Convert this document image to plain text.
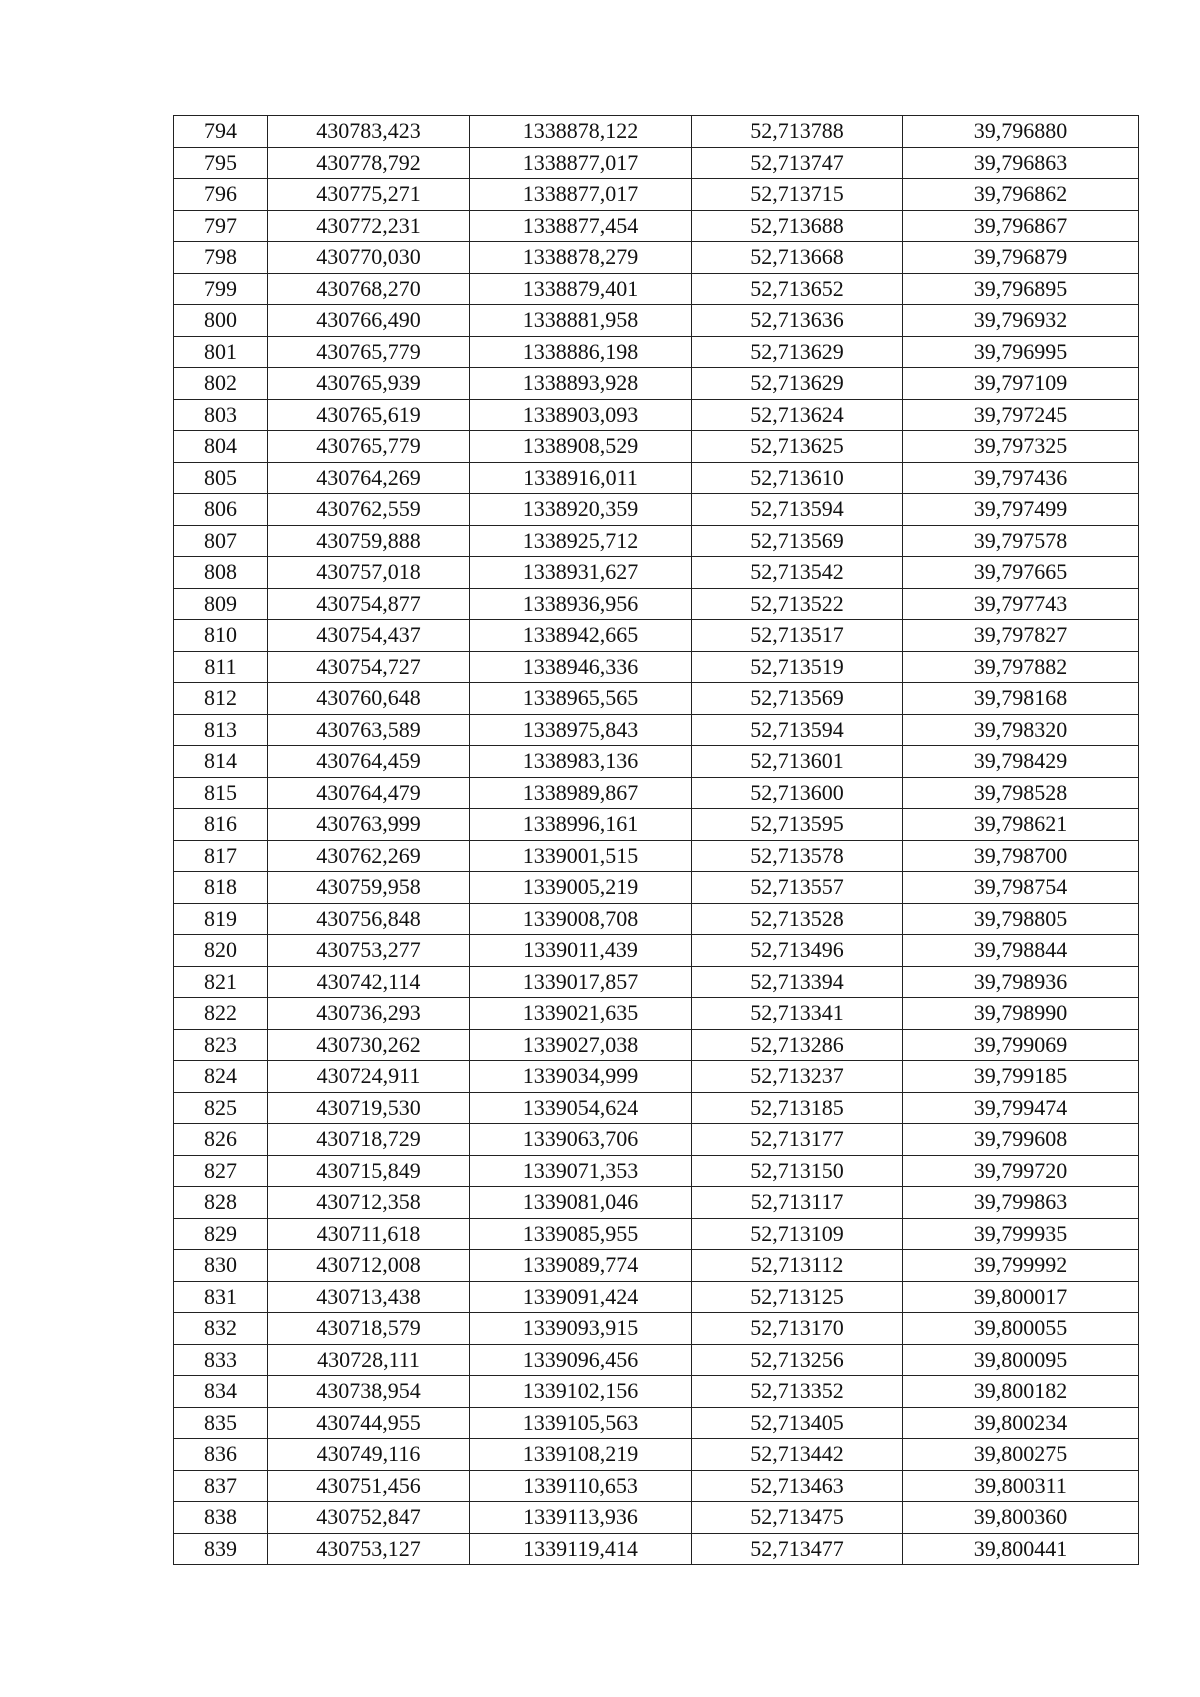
794	430783,423	1338878,122	52,713788	39,796880
795	430778,792	1338877,017	52,713747	39,796863
796	430775,271	1338877,017	52,713715	39,796862
797	430772,231	1338877,454	52,713688	39,796867
798	430770,030	1338878,279	52,713668	39,796879
799	430768,270	1338879,401	52,713652	39,796895
800	430766,490	1338881,958	52,713636	39,796932
801	430765,779	1338886,198	52,713629	39,796995
802	430765,939	1338893,928	52,713629	39,797109
803	430765,619	1338903,093	52,713624	39,797245
804	430765,779	1338908,529	52,713625	39,797325
805	430764,269	1338916,011	52,713610	39,797436
806	430762,559	1338920,359	52,713594	39,797499
807	430759,888	1338925,712	52,713569	39,797578
808	430757,018	1338931,627	52,713542	39,797665
809	430754,877	1338936,956	52,713522	39,797743
810	430754,437	1338942,665	52,713517	39,797827
811	430754,727	1338946,336	52,713519	39,797882
812	430760,648	1338965,565	52,713569	39,798168
813	430763,589	1338975,843	52,713594	39,798320
814	430764,459	1338983,136	52,713601	39,798429
815	430764,479	1338989,867	52,713600	39,798528
816	430763,999	1338996,161	52,713595	39,798621
817	430762,269	1339001,515	52,713578	39,798700
818	430759,958	1339005,219	52,713557	39,798754
819	430756,848	1339008,708	52,713528	39,798805
820	430753,277	1339011,439	52,713496	39,798844
821	430742,114	1339017,857	52,713394	39,798936
822	430736,293	1339021,635	52,713341	39,798990
823	430730,262	1339027,038	52,713286	39,799069
824	430724,911	1339034,999	52,713237	39,799185
825	430719,530	1339054,624	52,713185	39,799474
826	430718,729	1339063,706	52,713177	39,799608
827	430715,849	1339071,353	52,713150	39,799720
828	430712,358	1339081,046	52,713117	39,799863
829	430711,618	1339085,955	52,713109	39,799935
830	430712,008	1339089,774	52,713112	39,799992
831	430713,438	1339091,424	52,713125	39,800017
832	430718,579	1339093,915	52,713170	39,800055
833	430728,111	1339096,456	52,713256	39,800095
834	430738,954	1339102,156	52,713352	39,800182
835	430744,955	1339105,563	52,713405	39,800234
836	430749,116	1339108,219	52,713442	39,800275
837	430751,456	1339110,653	52,713463	39,800311
838	430752,847	1339113,936	52,713475	39,800360
839	430753,127	1339119,414	52,713477	39,800441
